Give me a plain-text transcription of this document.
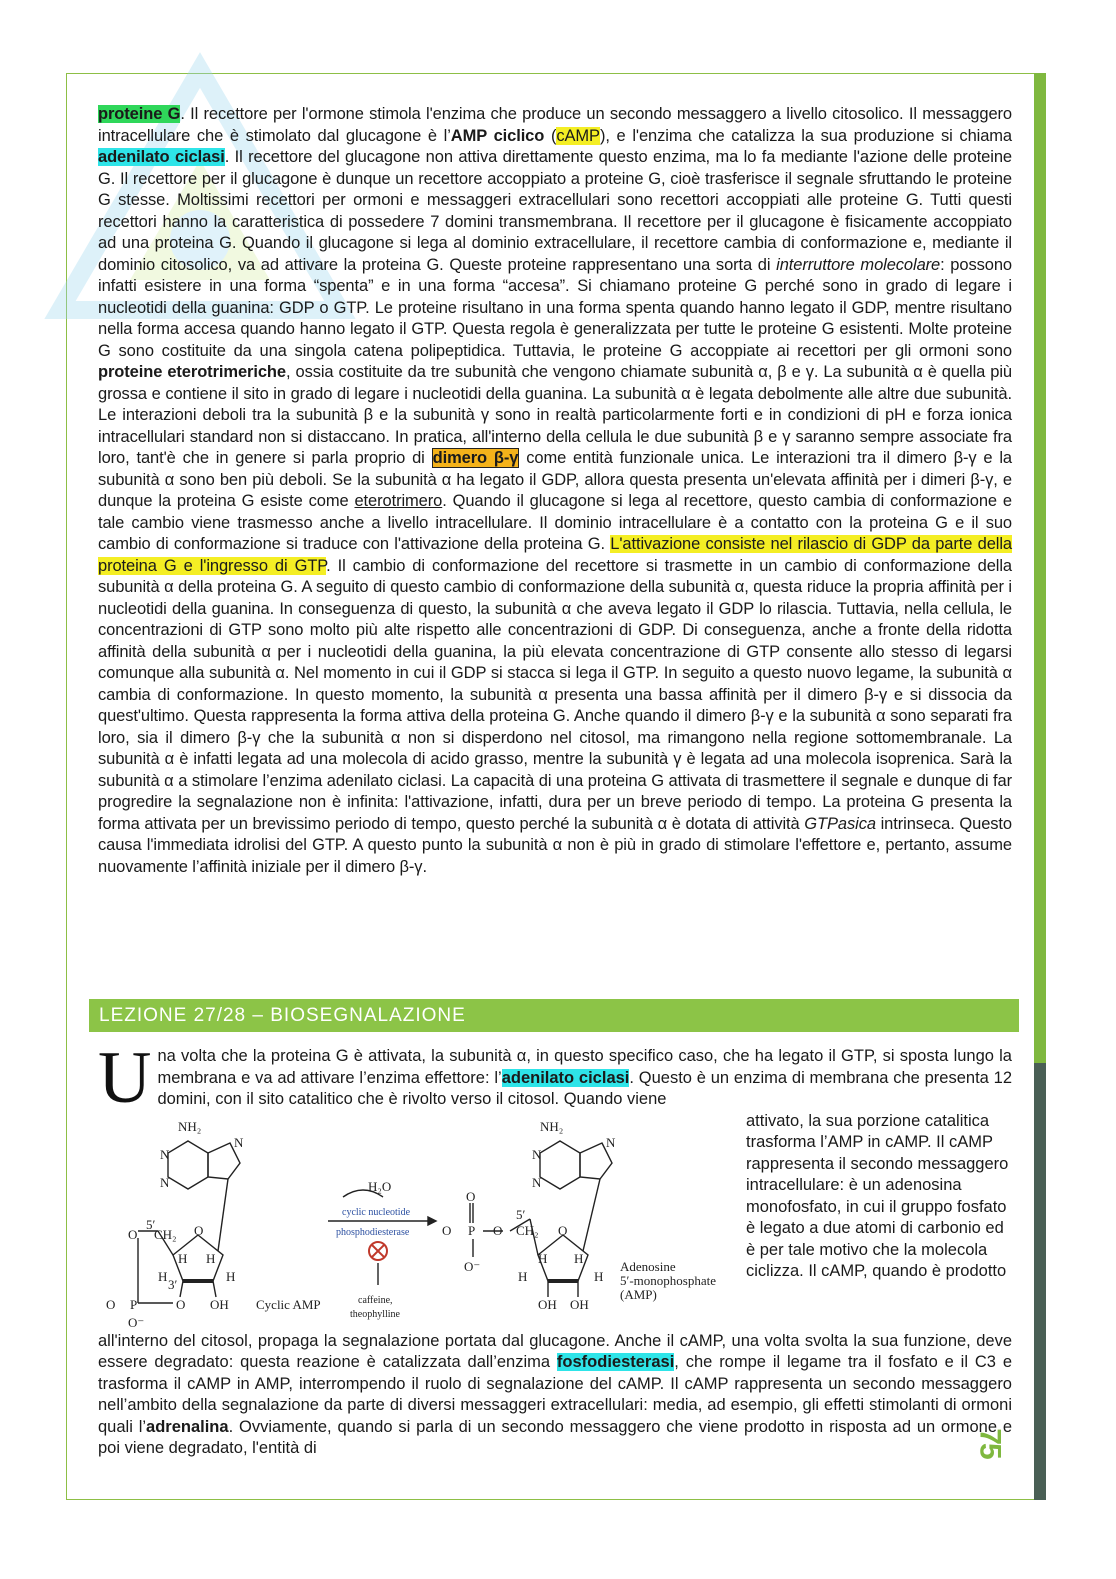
proteine G. Il recettore per l'ormone stimola l'enzima che produce un secondo messaggero a livello citosolico. Il messaggero intracellulare che è stimolato dal glucagone è l’AMP ciclico (cAMP), e l'enzima che catalizza la sua produzione si chiama adenilato ciclasi. Il recettore del glucagone non attiva direttamente questo enzima, ma lo fa mediante l'azione delle proteine G. Il recettore per il glucagone è dunque un recettore accoppiato a proteine G, cioè trasferisce il segnale sfruttando le proteine G stesse. Moltissimi recettori per ormoni e messaggeri extracellulari sono recettori accoppiati alle proteine G. Tutti questi recettori hanno la caratteristica di possedere 7 domini transmembrana. Il recettore per il glucagone è fisicamente accoppiato ad una proteina G. Quando il glucagone si lega al dominio extracellulare, il recettore cambia di conformazione e, mediante il dominio citosolico, va ad attivare la proteina G. Queste proteine rappresentano una sorta di interruttore molecolare: possono infatti esistere in una forma “spenta” e in una forma “accesa”. Si chiamano proteine G perché sono in grado di legare i nucleotidi della guanina: GDP o GTP. Le proteine risultano in una forma spenta quando hanno legato il GDP, mentre risultano nella forma accesa quando hanno legato il GTP. Questa regola è generalizzata per tutte le proteine G esistenti. Molte proteine G sono costituite da una singola catena polipeptidica. Tuttavia, le proteine G accoppiate ai recettori per gli ormoni sono proteine eterotrimeriche, ossia costituite da tre subunità che vengono chiamate subunità α, β e γ. La subunità α è quella più grossa e contiene il sito in grado di legare i nucleotidi della guanina. La subunità α è legata debolmente alle altre due subunità. Le interazioni deboli tra la subunità β e la subunità γ sono in realtà particolarmente forti e in condizioni di pH e forza ionica intracellulari standard non si distaccano. In pratica, all'interno della cellula le due subunità β e γ saranno sempre associate fra loro, tant'è che in genere si parla proprio di dimero β-γ come entità funzionale unica. Le interazioni tra il dimero β-γ e la subunità α sono ben più deboli. Se la subunità α ha legato il GDP, allora questa presenta un'elevata affinità per i dimeri β-γ, e dunque la proteina G esiste come eterotrimero. Quando il glucagone si lega al recettore, questo cambia di conformazione e tale cambio viene trasmesso anche a livello intracellulare. Il dominio intracellulare è a contatto con la proteina G e il suo cambio di conformazione si traduce con l'attivazione della proteina G. L'attivazione consiste nel rilascio di GDP da parte della proteina G e l'ingresso di GTP. Il cambio di conformazione del recettore si trasmette in un cambio di conformazione della subunità α della proteina G. A seguito di questo cambio di conformazione della subunità α, questa riduce la propria affinità per i nucleotidi della guanina. In conseguenza di questo, la subunità α che aveva legato il GDP lo rilascia. Tuttavia, nella cellula, le concentrazioni di GTP sono molto più alte rispetto alle concentrazioni di GDP. Di conseguenza, anche a fronte della ridotta affinità della subunità α per i nucleotidi della guanina, la più elevata concentrazione di GTP consente allo stesso di legarsi comunque alla subunità α. Nel momento in cui il GDP si stacca si lega il GTP. In seguito a questo nuovo legame, la subunità α cambia di conformazione. In questo momento, la subunità α presenta una bassa affinità per il dimero β-γ e si dissocia da quest'ultimo. Questa rappresenta la forma attiva della proteina G. Anche quando il dimero β-γ e la subunità α sono separati fra loro, sia il dimero β-γ che la subunità α non si disperdono nel citosol, ma rimangono nella regione sottomembranale. La subunità α è infatti legata ad una molecola di acido grasso, mentre la subunità γ è legata ad una molecola isoprenica. Sarà la subunità α a stimolare l’enzima adenilato ciclasi. La capacità di una proteina G attivata di trasmettere il segnale e dunque di far progredire la segnalazione non è infinita: l'attivazione, infatti, dura per un breve periodo di tempo. La proteina G presenta la forma attivata per un brevissimo periodo di tempo, questo perché la subunità α è dotata di attività GTPasica intrinseca. Questo causa l'immediata idrolisi del GTP. A questo punto la subunità α non è più in grado di stimolare l'effettore e, pertanto, assume nuovamente l’affinità iniziale per il dimero β-γ.
LEZIONE 27/28 – BIOSEGNALAZIONE
Una volta che la proteina G è attivata, la subunità α, in questo specifico caso, che ha legato il GTP, si sposta lungo la membrana e va ad attivare l’enzima effettore: l’adenilato ciclasi. Questo è un enzima di membrana che presenta 12 domini, con il sito catalitico che è rivolto verso il citosol. Quando viene
NH₂
N
N
N
O
O
5′
CH₂
H H
H	H
3′
O P
O⁻
O OH Cyclic AMP
H₂O
NH₂
N
N
N
O
O P
O⁻
O
5′
CH₂ O
H H
H	H
OH OH
Adenosine
5′-monophosphate
(AMP)
cyclic nucleotide
phosphodiesterase
caffeine,
theophylline
attivato, la sua porzione catalitica trasforma l’AMP in cAMP. Il cAMP rappresenta il secondo messaggero intracellulare: è un adenosina monofosfato, in cui il gruppo fosfato è legato a due atomi di carbonio ed è per tale motivo che la molecola ciclizza. Il cAMP, quando è prodotto
all'interno del citosol, propaga la segnalazione portata dal glucagone. Anche il cAMP, una volta svolta la sua funzione, deve essere degradato: questa reazione è catalizzata dall’enzima fosfodiesterasi, che rompe il legame tra il fosfato e il C3 e trasforma il cAMP in AMP, interrompendo il ruolo di segnalazione del cAMP. Il cAMP rappresenta un secondo messaggero nell’ambito della segnalazione da parte di diversi messaggeri extracellulari: media, ad esempio, gli effetti stimolanti di ormoni quali l’adrenalina. Ovviamente, quando si parla di un secondo messaggero che viene prodotto in risposta ad un ormone e poi viene degradato, l'entità di	75
